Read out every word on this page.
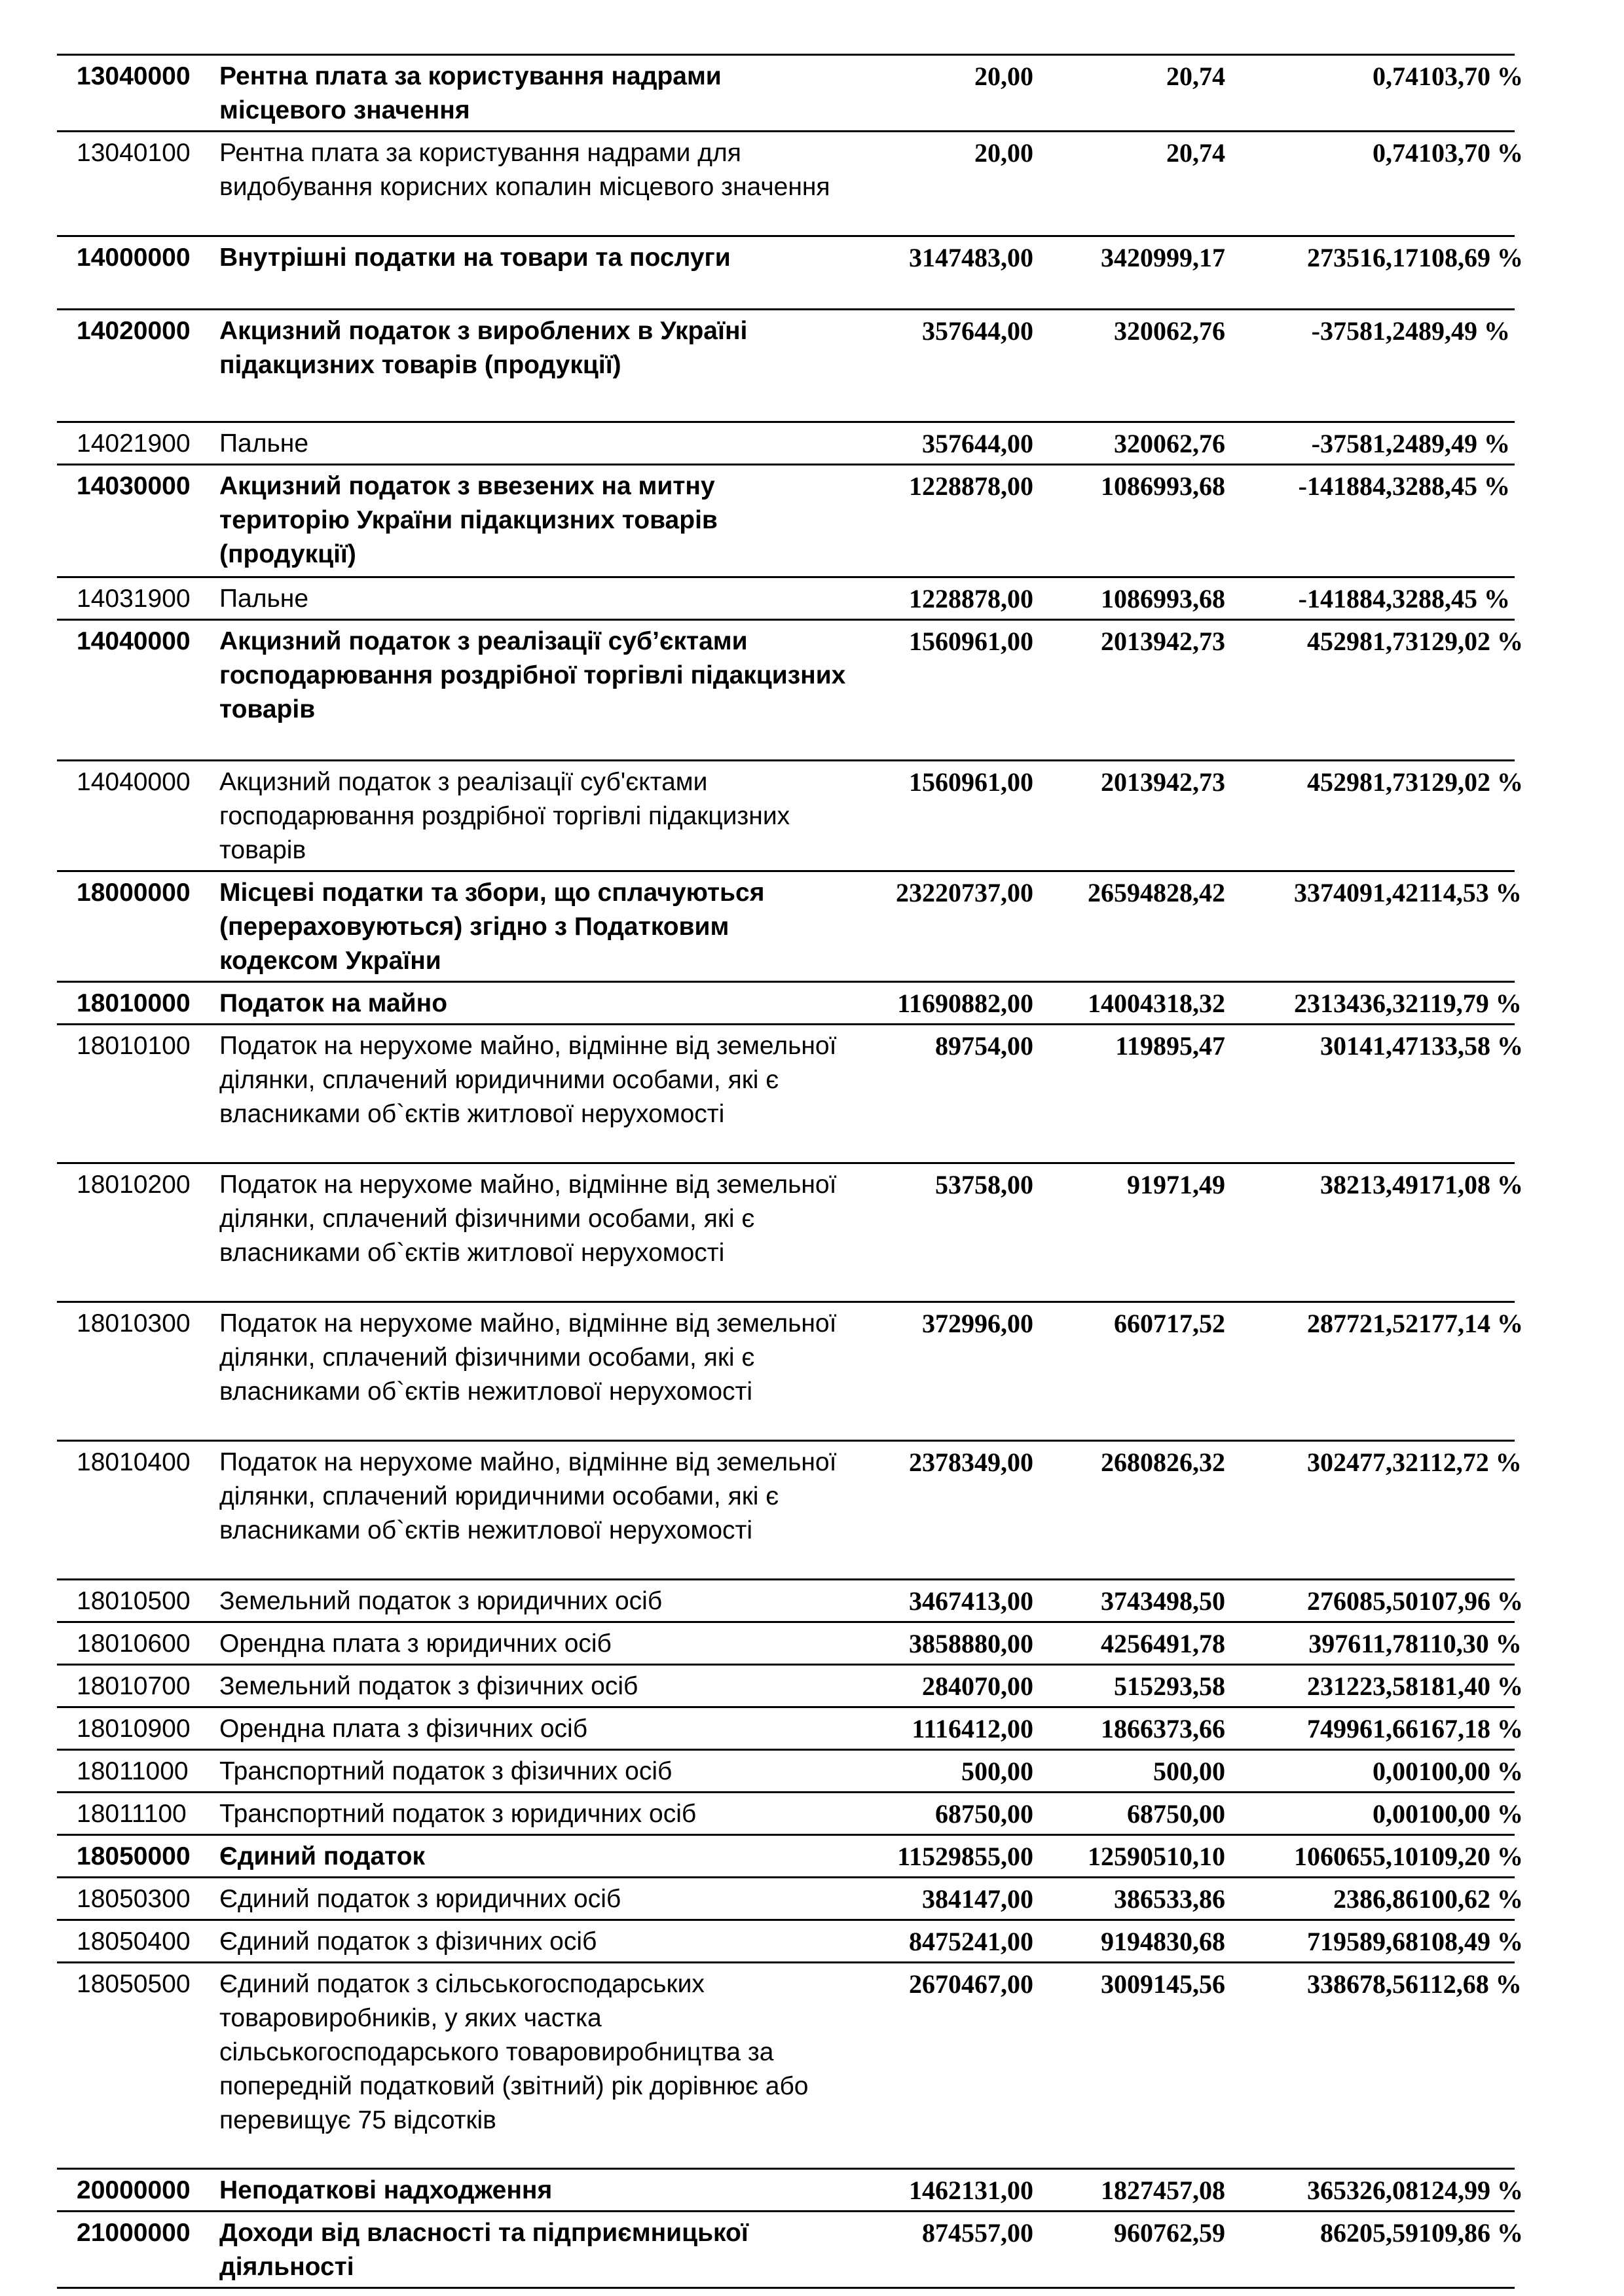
13040000	Рентна плата за користування надрами місцевого значення	20,00	20,74	0,74	103,70 %
13040100	Рентна плата за користування надрами для видобування корисних копалин місцевого значення	20,00	20,74	0,74	103,70 %
14000000	Внутрішні податки на товари та послуги	3147483,00	3420999,17	273516,17	108,69 %
14020000	Акцизний податок з вироблених в Україні підакцизних товарів (продукції)	357644,00	320062,76	-37581,24	89,49 %
14021900	Пальне	357644,00	320062,76	-37581,24	89,49 %
14030000	Акцизний податок з ввезених на митну територію України підакцизних товарів (продукції)	1228878,00	1086993,68	-141884,32	88,45 %
14031900	Пальне	1228878,00	1086993,68	-141884,32	88,45 %
14040000	Акцизний податок з реалізації суб’єктами господарювання роздрібної торгівлі підакцизних товарів	1560961,00	2013942,73	452981,73	129,02 %
14040000	Акцизний податок з реалізації суб'єктами господарювання роздрібної торгівлі підакцизних товарів	1560961,00	2013942,73	452981,73	129,02 %
18000000	Місцеві податки та збори, що сплачуються (перераховуються) згідно з Податковим кодексом України	23220737,00	26594828,42	3374091,42	114,53 %
18010000	Податок на майно	11690882,00	14004318,32	2313436,32	119,79 %
18010100	Податок на нерухоме майно, відмінне від земельної ділянки, сплачений юридичними особами, які є власниками об`єктів житлової нерухомості	89754,00	119895,47	30141,47	133,58 %
18010200	Податок на нерухоме майно, відмінне від земельної ділянки, сплачений фізичними особами, які є власниками об`єктів житлової нерухомості	53758,00	91971,49	38213,49	171,08 %
18010300	Податок на нерухоме майно, відмінне від земельної ділянки, сплачений фізичними особами, які є власниками об`єктів нежитлової нерухомості	372996,00	660717,52	287721,52	177,14 %
18010400	Податок на нерухоме майно, відмінне від земельної ділянки, сплачений юридичними особами, які є власниками об`єктів нежитлової нерухомості	2378349,00	2680826,32	302477,32	112,72 %
18010500	Земельний податок з юридичних осіб	3467413,00	3743498,50	276085,50	107,96 %
18010600	Орендна плата з юридичних осіб	3858880,00	4256491,78	397611,78	110,30 %
18010700	Земельний податок з фізичних осіб	284070,00	515293,58	231223,58	181,40 %
18010900	Орендна плата з фізичних осіб	1116412,00	1866373,66	749961,66	167,18 %
18011000	Транспортний податок з фізичних осіб	500,00	500,00	0,00	100,00 %
18011100	Транспортний податок з юридичних осіб	68750,00	68750,00	0,00	100,00 %
18050000	Єдиний податок	11529855,00	12590510,10	1060655,10	109,20 %
18050300	Єдиний податок з юридичних осіб	384147,00	386533,86	2386,86	100,62 %
18050400	Єдиний податок з фізичних осіб	8475241,00	9194830,68	719589,68	108,49 %
18050500	Єдиний податок з сільськогосподарських товаровиробників, у яких частка сільськогосподарського товаровиробництва за попередній податковий (звітний) рік дорівнює або перевищує 75 відсотків	2670467,00	3009145,56	338678,56	112,68 %
20000000	Неподаткові надходження	1462131,00	1827457,08	365326,08	124,99 %
21000000	Доходи від власності та підприємницької діяльності	874557,00	960762,59	86205,59	109,86 %
